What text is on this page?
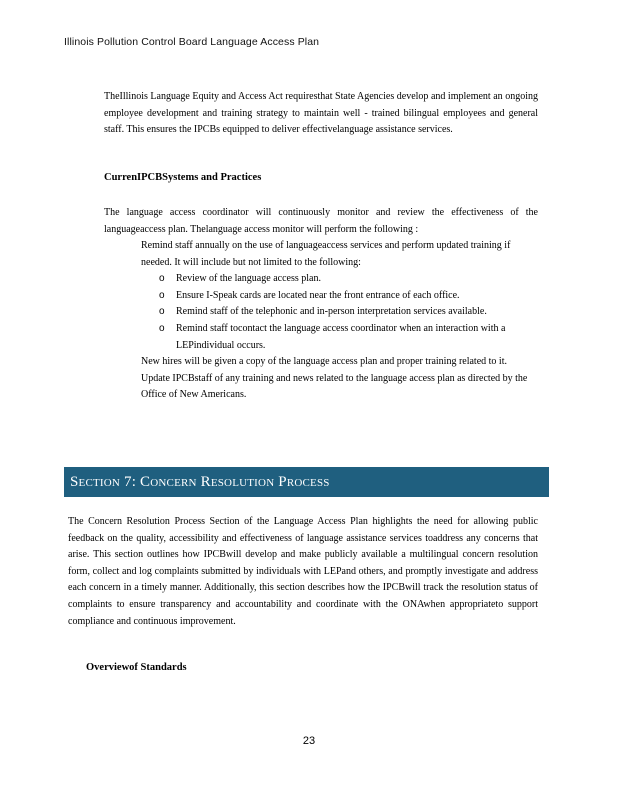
Illinois Pollution Control Board Language Access Plan

TheIllinois Language Equity and Access Act requiresthat State Agencies develop and implement an ongoing employee development and training strategy to maintain well - trained bilingual employees and general staff. This ensures the IPCBs equipped to deliver effectivelanguage assistance services.

CurrenIPCBSystems and Practices

The language access coordinator will continuously monitor and review the effectiveness of the languageaccess plan. Thelanguage access monitor will perform the following :

Remind staff annually on the use of languageaccess services and perform updated training if needed. It will include but not limited to the following:
o Review of the language access plan.
o Ensure I-Speak cards are located near the front entrance of each office.
o Remind staff of the telephonic and in-person interpretation services available.
o Remind staff tocontact the language access coordinator when an interaction with a LEPindividual occurs.
New hires will be given a copy of the language access plan and proper training related to it.
Update IPCBstaff of any training and news related to the language access plan as directed by the Office of New Americans.
Section 7: Concern Resolution Process

The Concern Resolution Process Section of the Language Access Plan highlights the need for allowing public feedback on the quality, accessibility and effectiveness of language assistance services toaddress any concerns that arise. This section outlines how IPCBwill develop and make publicly available a multilingual concern resolution form, collect and log complaints submitted by individuals with LEPand others, and promptly investigate and address each concern in a timely manner. Additionally, this section describes how the IPCBwill track the resolution status of complaints to ensure transparency and accountability and coordinate with the ONAwhen appropriateto support compliance and continuous improvement.

Overviewof Standards
23
